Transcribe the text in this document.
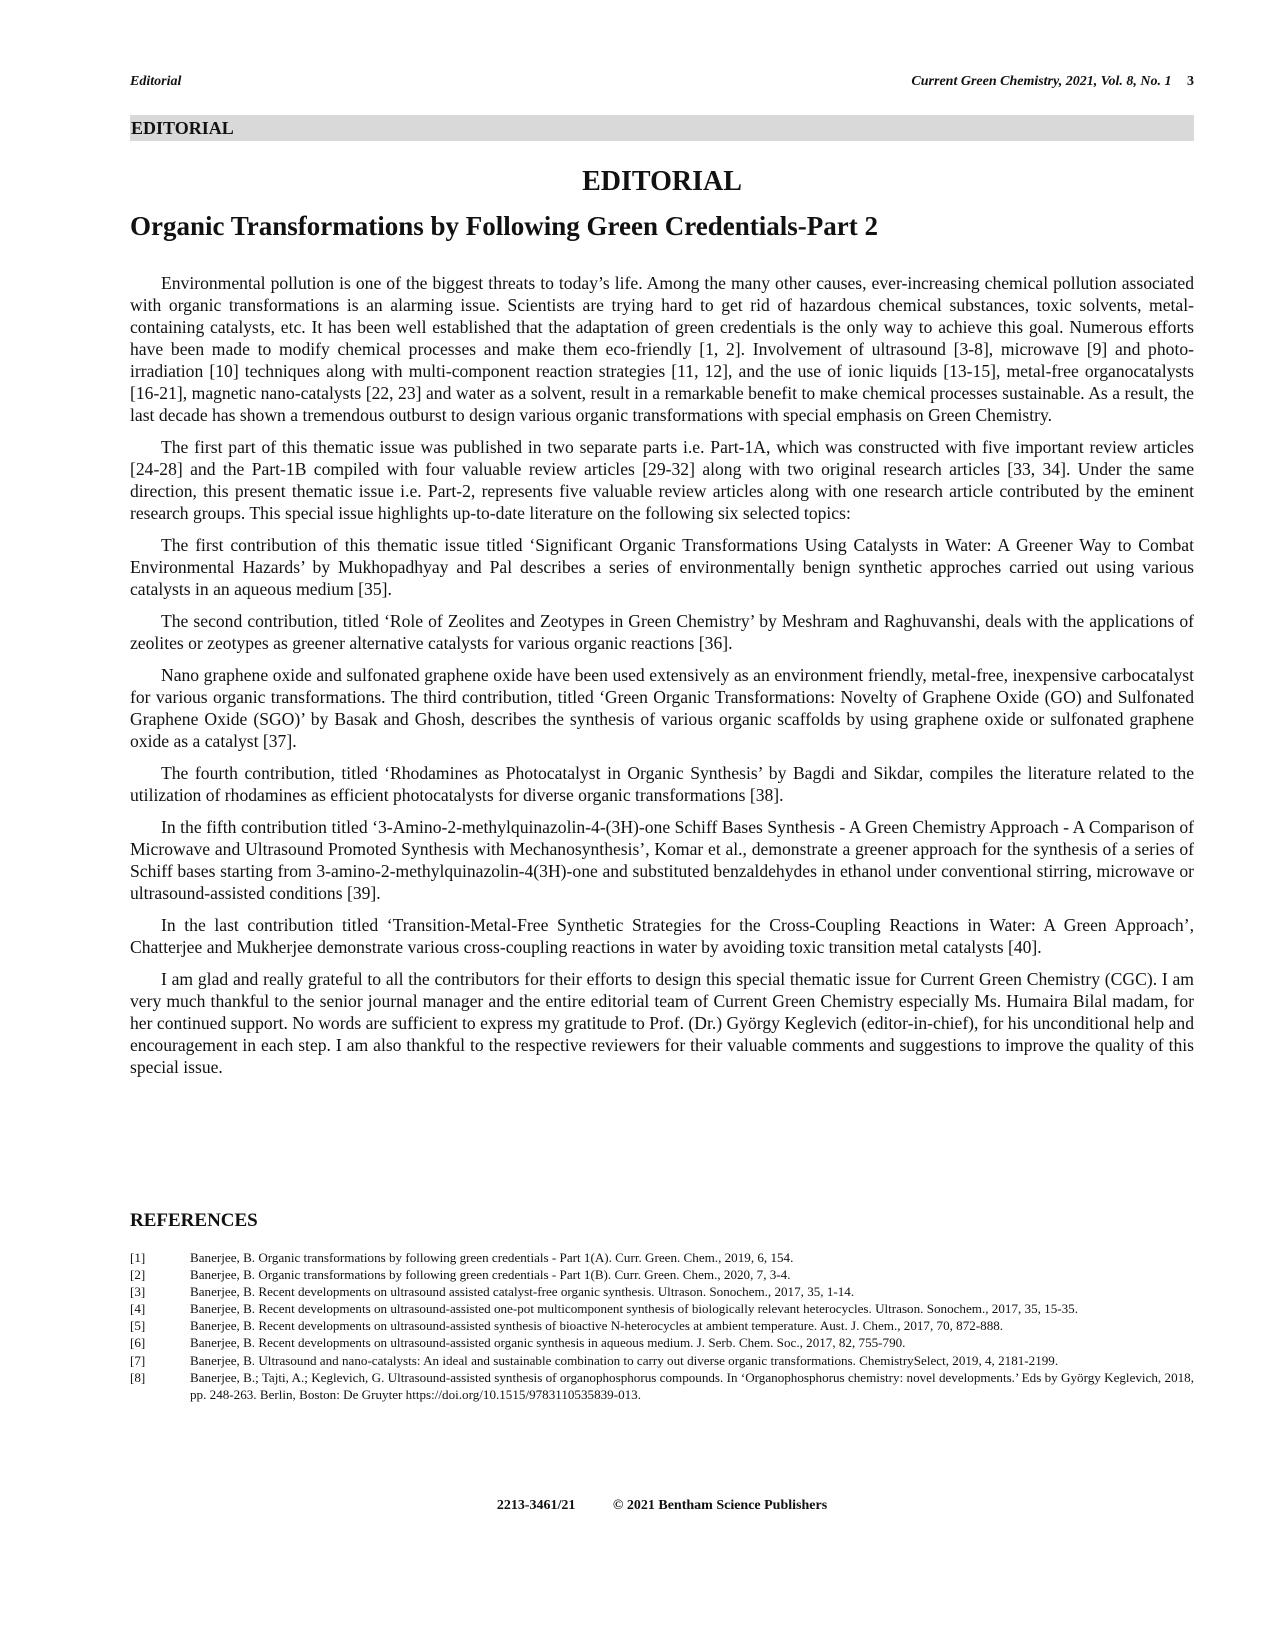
Editorial	Current Green Chemistry, 2021, Vol. 8, No. 1 3
EDITORIAL
EDITORIAL
Organic Transformations by Following Green Credentials-Part 2

Environmental pollution is one of the biggest threats to today’s life. Among the many other causes, ever-increasing chemical pollution associated with organic transformations is an alarming issue. Scientists are trying hard to get rid of hazardous chemical substances, toxic solvents, metal-containing catalysts, etc. It has been well established that the adaptation of green credentials is the only way to achieve this goal. Numerous efforts have been made to modify chemical processes and make them eco-friendly [1, 2]. Involvement of ultrasound [3-8], microwave [9] and photo-irradiation [10] techniques along with multi-component reaction strategies [11, 12], and the use of ionic liquids [13-15], metal-free organocatalysts [16-21], magnetic nano-catalysts [22, 23] and water as a solvent, result in a remarkable benefit to make chemical processes sustainable. As a result, the last decade has shown a tremendous outburst to design various organic transformations with special emphasis on Green Chemistry.

The first part of this thematic issue was published in two separate parts i.e. Part-1A, which was constructed with five important review articles [24-28] and the Part-1B compiled with four valuable review articles [29-32] along with two original research articles [33, 34]. Under the same direction, this present thematic issue i.e. Part-2, represents five valuable review articles along with one research article contributed by the eminent research groups. This special issue highlights up-to-date literature on the following six selected topics:

The first contribution of this thematic issue titled ‘Significant Organic Transformations Using Catalysts in Water: A Greener Way to Combat Environmental Hazards’ by Mukhopadhyay and Pal describes a series of environmentally benign synthetic approches carried out using various catalysts in an aqueous medium [35].

The second contribution, titled ‘Role of Zeolites and Zeotypes in Green Chemistry’ by Meshram and Raghuvanshi, deals with the applications of zeolites or zeotypes as greener alternative catalysts for various organic reactions [36].

Nano graphene oxide and sulfonated graphene oxide have been used extensively as an environment friendly, metal-free, inexpensive carbocatalyst for various organic transformations. The third contribution, titled ‘Green Organic Transformations: Novelty of Graphene Oxide (GO) and Sulfonated Graphene Oxide (SGO)’ by Basak and Ghosh, describes the synthesis of various organic scaffolds by using graphene oxide or sulfonated graphene oxide as a catalyst [37].

The fourth contribution, titled ‘Rhodamines as Photocatalyst in Organic Synthesis’ by Bagdi and Sikdar, compiles the literature related to the utilization of rhodamines as efficient photocatalysts for diverse organic transformations [38].

In the fifth contribution titled ‘3-Amino-2-methylquinazolin-4-(3H)-one Schiff Bases Synthesis - A Green Chemistry Approach - A Comparison of Microwave and Ultrasound Promoted Synthesis with Mechanosynthesis’, Komar et al., demonstrate a greener approach for the synthesis of a series of Schiff bases starting from 3-amino-2-methylquinazolin-4(3H)-one and substituted benzaldehydes in ethanol under conventional stirring, microwave or ultrasound-assisted conditions [39].

In the last contribution titled ‘Transition-Metal-Free Synthetic Strategies for the Cross-Coupling Reactions in Water: A Green Approach’, Chatterjee and Mukherjee demonstrate various cross-coupling reactions in water by avoiding toxic transition metal catalysts [40].

I am glad and really grateful to all the contributors for their efforts to design this special thematic issue for Current Green Chemistry (CGC). I am very much thankful to the senior journal manager and the entire editorial team of Current Green Chemistry especially Ms. Humaira Bilal madam, for her continued support. No words are sufficient to express my gratitude to Prof. (Dr.) György Keglevich (editor-in-chief), for his unconditional help and encouragement in each step. I am also thankful to the respective reviewers for their valuable comments and suggestions to improve the quality of this special issue.

REFERENCES
[1]	Banerjee, B. Organic transformations by following green credentials - Part 1(A). Curr. Green. Chem., 2019, 6, 154.
[2]	Banerjee, B. Organic transformations by following green credentials - Part 1(B). Curr. Green. Chem., 2020, 7, 3-4.
[3]	Banerjee, B. Recent developments on ultrasound assisted catalyst-free organic synthesis. Ultrason. Sonochem., 2017, 35, 1-14.
[4]	Banerjee, B. Recent developments on ultrasound-assisted one-pot multicomponent synthesis of biologically relevant heterocycles. Ultrason. Sonochem., 2017, 35, 15-35.
[5]	Banerjee, B. Recent developments on ultrasound-assisted synthesis of bioactive N-heterocycles at ambient temperature. Aust. J. Chem., 2017, 70, 872-888.
[6]	Banerjee, B. Recent developments on ultrasound-assisted organic synthesis in aqueous medium. J. Serb. Chem. Soc., 2017, 82, 755-790.
[7]	Banerjee, B. Ultrasound and nano-catalysts: An ideal and sustainable combination to carry out diverse organic transformations. ChemistrySelect, 2019, 4, 2181-2199.
[8]	Banerjee, B.; Tajti, A.; Keglevich, G. Ultrasound-assisted synthesis of organophosphorus compounds. In ‘Organophosphorus chemistry: novel developments.’ Eds by György Keglevich, 2018, pp. 248-263. Berlin, Boston: De Gruyter https://doi.org/10.1515/9783110535839-013.
2213-3461/21	© 2021 Bentham Science Publishers
